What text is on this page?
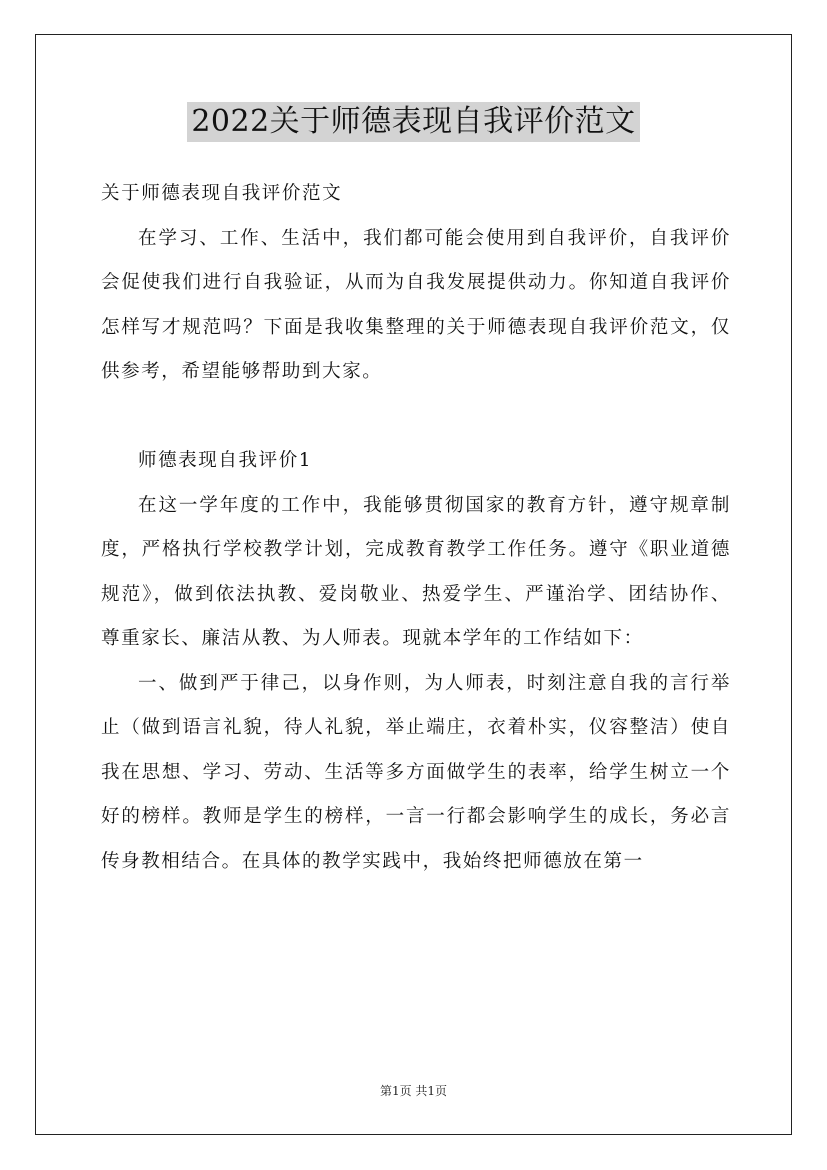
2022关于师德表现自我评价范文

关于师德表现自我评价范文

在学习、工作、生活中，我们都可能会使用到自我评价，自我评价会促使我们进行自我验证，从而为自我发展提供动力。你知道自我评价怎样写才规范吗？下面是我收集整理的关于师德表现自我评价范文，仅供参考，希望能够帮助到大家。

师德表现自我评价1

在这一学年度的工作中，我能够贯彻国家的教育方针，遵守规章制度，严格执行学校教学计划，完成教育教学工作任务。遵守《职业道德规范》，做到依法执教、爱岗敬业、热爱学生、严谨治学、团结协作、尊重家长、廉洁从教、为人师表。现就本学年的工作结如下：

一、做到严于律己，以身作则，为人师表，时刻注意自我的言行举止（做到语言礼貌，待人礼貌，举止端庄，衣着朴实，仪容整洁）使自我在思想、学习、劳动、生活等多方面做学生的表率，给学生树立一个好的榜样。教师是学生的榜样，一言一行都会影响学生的成长，务必言传身教相结合。在具体的教学实践中，我始终把师德放在第一

第1页 共1页
